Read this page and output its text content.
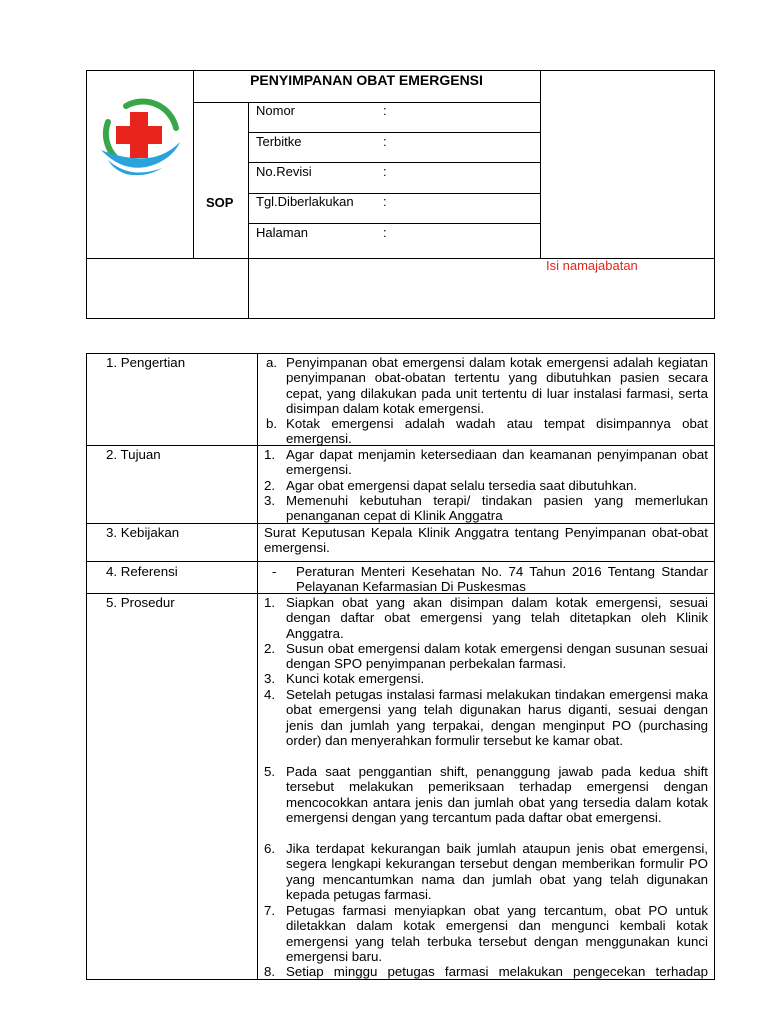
PENYIMPANAN OBAT EMERGENSI
SOP
Nomor	:
Terbitke	:
No.Revisi	:
Tgl.Diberlakukan :
Halaman	:
Isi namajabatan
1. Pengertian	a. Penyimpanan obat emergensi dalam kotak emergensi adalah kegiatan penyimpanan obat-obatan tertentu yang dibutuhkan pasien secara cepat, yang dilakukan pada unit tertentu di luar instalasi farmasi, serta disimpan dalam kotak emergensi.
b. Kotak emergensi adalah wadah atau tempat disimpannya obat emergensi.
2. Tujuan	1. Agar dapat menjamin ketersediaan dan keamanan penyimpanan obat emergensi.
2. Agar obat emergensi dapat selalu tersedia saat dibutuhkan.
3. Memenuhi kebutuhan terapi/ tindakan pasien yang memerlukan penanganan cepat di Klinik Anggatra
3. Kebijakan	Surat Keputusan Kepala Klinik Anggatra tentang Penyimpanan obat-obat emergensi.
4. Referensi	- Peraturan Menteri Kesehatan No. 74 Tahun 2016 Tentang Standar Pelayanan Kefarmasian Di Puskesmas
5. Prosedur	1. Siapkan obat yang akan disimpan dalam kotak emergensi, sesuai dengan daftar obat emergensi yang telah ditetapkan oleh Klinik Anggatra.
2. Susun obat emergensi dalam kotak emergensi dengan susunan sesuai dengan SPO penyimpanan perbekalan farmasi.
3. Kunci kotak emergensi.
4. Setelah petugas instalasi farmasi melakukan tindakan emergensi maka obat emergensi yang telah digunakan harus diganti, sesuai dengan jenis dan jumlah yang terpakai, dengan menginput PO (purchasing order) dan menyerahkan formulir tersebut ke kamar obat.
5. Pada saat penggantian shift, penanggung jawab pada kedua shift tersebut melakukan pemeriksaan terhadap emergensi dengan mencocokkan antara jenis dan jumlah obat yang tersedia dalam kotak emergensi dengan yang tercantum pada daftar obat emergensi.
6. Jika terdapat kekurangan baik jumlah ataupun jenis obat emergensi, segera lengkapi kekurangan tersebut dengan memberikan formulir PO yang mencantumkan nama dan jumlah obat yang telah digunakan kepada petugas farmasi.
7. Petugas farmasi menyiapkan obat yang tercantum, obat PO untuk diletakkan dalam kotak emergensi dan mengunci kembali kotak emergensi yang telah terbuka tersebut dengan menggunakan kunci emergensi baru.
8. Setiap minggu petugas farmasi melakukan pengecekan terhadap
